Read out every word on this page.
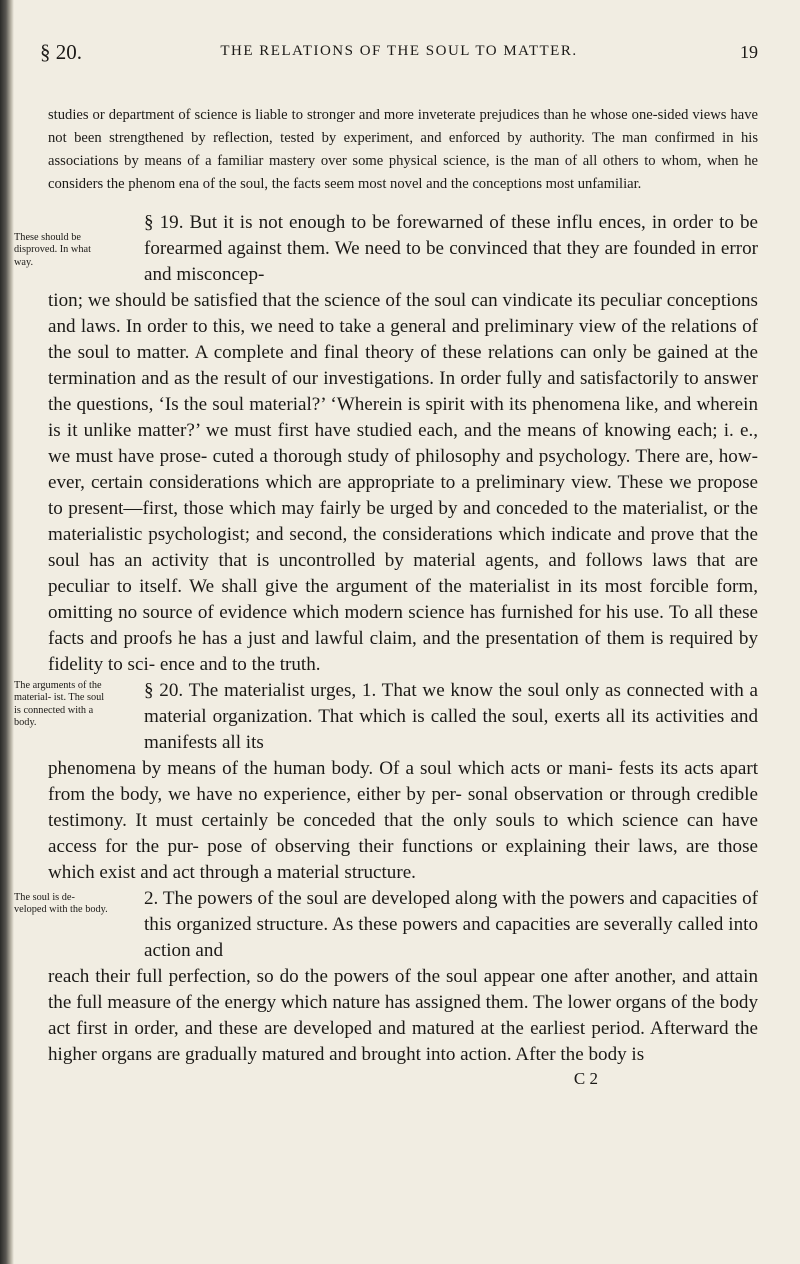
§ 20.	THE RELATIONS OF THE SOUL TO MATTER.	19

studies or department of science is liable to stronger and more inveterate prejudices than he whose one-sided views have not been strengthened by reflection, tested by experiment, and enforced by authority. The man confirmed in his associations by means of a familiar mastery over some physical science, is the man of all others to whom, when he considers the phenom ena of the soul, the facts seem most novel and the conceptions most unfamiliar.

These should be disproved. In what way.

§ 19. But it is not enough to be forewarned of these influ ences, in order to be forearmed against them. We need to be convinced that they are founded in error and misconcep-

tion; we should be satisfied that the science of the soul can vindicate its peculiar conceptions and laws. In order to this, we need to take a general and preliminary view of the relations of the soul to matter. A complete and final theory of these relations can only be gained at the termination and as the result of our investigations. In order fully and satisfactorily to answer the questions, ‘Is the soul material?’ ‘Wherein is spirit with its phenomena like, and wherein is it unlike matter?’ we must first have studied each, and the means of knowing each; i. e., we must have prose- cuted a thorough study of philosophy and psychology. There are, how- ever, certain considerations which are appropriate to a preliminary view. These we propose to present—first, those which may fairly be urged by and conceded to the materialist, or the materialistic psychologist; and second, the considerations which indicate and prove that the soul has an activity that is uncontrolled by material agents, and follows laws that are peculiar to itself. We shall give the argument of the materialist in its most forcible form, omitting no source of evidence which modern science has furnished for his use. To all these facts and proofs he has a just and lawful claim, and the presentation of them is required by fidelity to sci- ence and to the truth.

The arguments of the material- ist. The soul is connected with a body.

§ 20. The materialist urges, 1. That we know the soul only as connected with a material organization. That which is called the soul, exerts all its activities and manifests all its

phenomena by means of the human body. Of a soul which acts or mani- fests its acts apart from the body, we have no experience, either by per- sonal observation or through credible testimony. It must certainly be conceded that the only souls to which science can have access for the pur- pose of observing their functions or explaining their laws, are those which exist and act through a material structure.

The soul is de- veloped with the body.

2. The powers of the soul are developed along with the powers and capacities of this organized structure. As these powers and capacities are severally called into action and

reach their full perfection, so do the powers of the soul appear one after another, and attain the full measure of the energy which nature has assigned them. The lower organs of the body act first in order, and these are developed and matured at the earliest period. Afterward the higher organs are gradually matured and brought into action. After the body is

C 2
